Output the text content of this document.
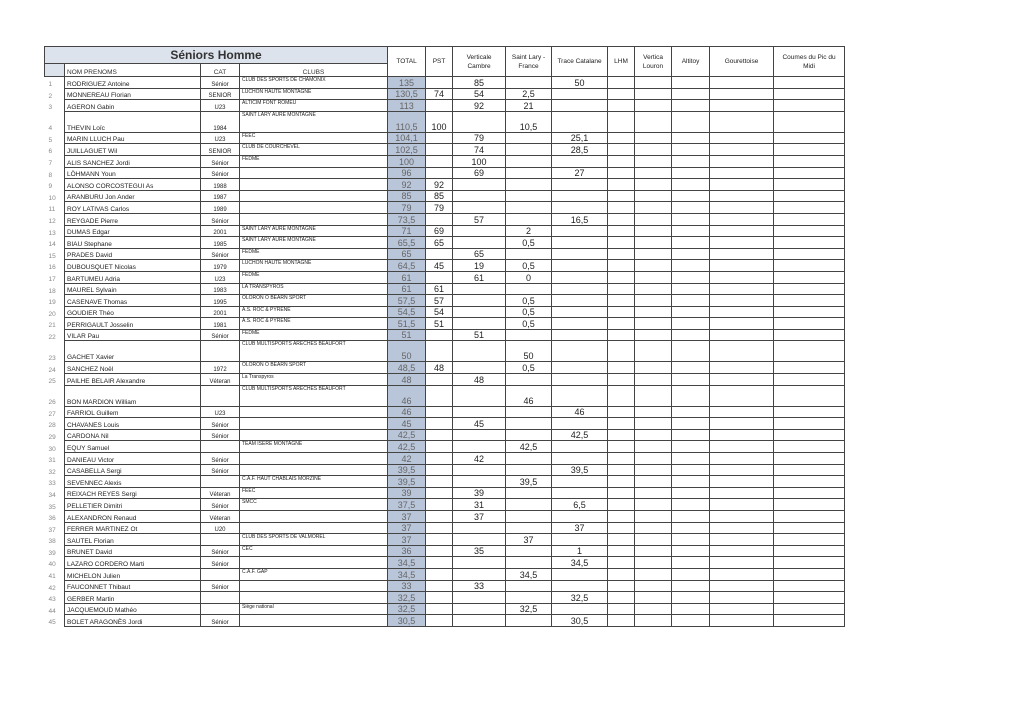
Séniors Homme				TOTAL	PST	Verticale Cambre	Saint Lary - France	Trace Catalane	LHM	Vertica Louron	Altitoy	Gourettoise	Coumes du Pic du Midi
	NOM PRENOMS	CAT	CLUBS										
1	RODRIGUEZ Antoine	Sénior	CLUB DES SPORTS DE CHAMONIX	135		85		50					
2	MONNEREAU Florian	SENIOR	LUCHON HAUTE MONTAGNE	130,5	74	54	2,5						
3	AGERON Gabin	U23	ALTICIM FONT ROMEU	113		92	21						
4	THEVIN Loïc	1984	SAINT LARY AURE MONTAGNE	110,5	100		10,5						
5	MARIN LLUCH Pau	U23	FEEC	104,1		79		25,1					
6	JUILLAGUET Wil	SENIOR	CLUB DE COURCHEVEL	102,5		74		28,5					
7	ALIS SANCHEZ Jordi	Sénior	FEDME	100		100							
8	LÖHMANN Youn	Sénior		96		69		27					
9	ALONSO CORCOSTEGUI As	1988		92	92								
10	ARANBURU Jon Ander	1987		85	85								
11	ROY LATIVAS Carlos	1989		79	79								
12	REYGADE Pierre	Sénior		73,5		57		16,5					
13	DUMAS Edgar	2001	SAINT LARY AURE MONTAGNE	71	69		2						
14	BIAU Stephane	1985	SAINT LARY AURE MONTAGNE	65,5	65		0,5						
15	PRADES David	Sénior	FEDME	65		65							
16	DUBOUSQUET Nicolas	1979	LUCHON HAUTE MONTAGNE	64,5	45	19	0,5						
17	BARTUMEU Adria	U23	FEDME	61		61	0						
18	MAUREL Sylvain	1983	LA TRANSPYROS	61	61								
19	CASENAVE Thomas	1995	OLORON Ô BEARN SPORT	57,5	57		0,5						
20	GOUDIER Théo	2001	A.S. ROC & PYRENE	54,5	54		0,5						
21	PERRIGAULT Josselin	1981	A.S. ROC & PYRENE	51,5	51		0,5						
22	VILAR Pau	Sénior	FEDME	51		51							
23	GACHET Xavier		CLUB MULTISPORTS ARECHES BEAUFORT	50			50						
24	SANCHEZ Noël	1972	OLORON Ô BEARN SPORT	48,5	48		0,5						
25	PAILHE BELAIR Alexandre	Véteran	La Transpyros	48		48							
26	BON MARDION William		CLUB MULTISPORTS ARECHES BEAUFORT	46			46						
27	FARRIOL Guillem	U23		46				46					
28	CHAVANES Louis	Sénior		45		45							
29	CARDONA Nil	Sénior		42,5				42,5					
30	EQUY Samuel		TEAM ISERE MONTAGNE	42,5			42,5						
31	DANIEAU Victor	Sénior		42		42							
32	CASABELLA Sergi	Sénior		39,5				39,5					
33	SEVENNEC Alexis		C.A.F. HAUT CHABLAIS MORZINE	39,5			39,5						
34	REIXACH REYES Sergi	Véteran	FEEC	39		39							
35	PELLETIER Dimitri	Sénior	SMCC	37,5		31		6,5					
36	ALEXANDRON Renaud	Véteran		37		37							
37	FERRER MARTINEZ Ot	U20		37				37					
38	SAUTEL Florian		CLUB DES SPORTS DE VALMOREL	37			37						
39	BRUNET David	Sénior	CEC	36		35		1					
40	LAZARO CORDERO Marti	Sénior		34,5				34,5					
41	MICHELON Julien		C.A.F. GAP	34,5			34,5						
42	FAUCONNET Thibaut	Sénior		33		33							
43	GERBER Martin			32,5				32,5					
44	JACQUEMOUD Mathéo		Siège national	32,5			32,5						
45	BOLET ARAGONÈS Jordi	Sénior		30,5				30,5					
